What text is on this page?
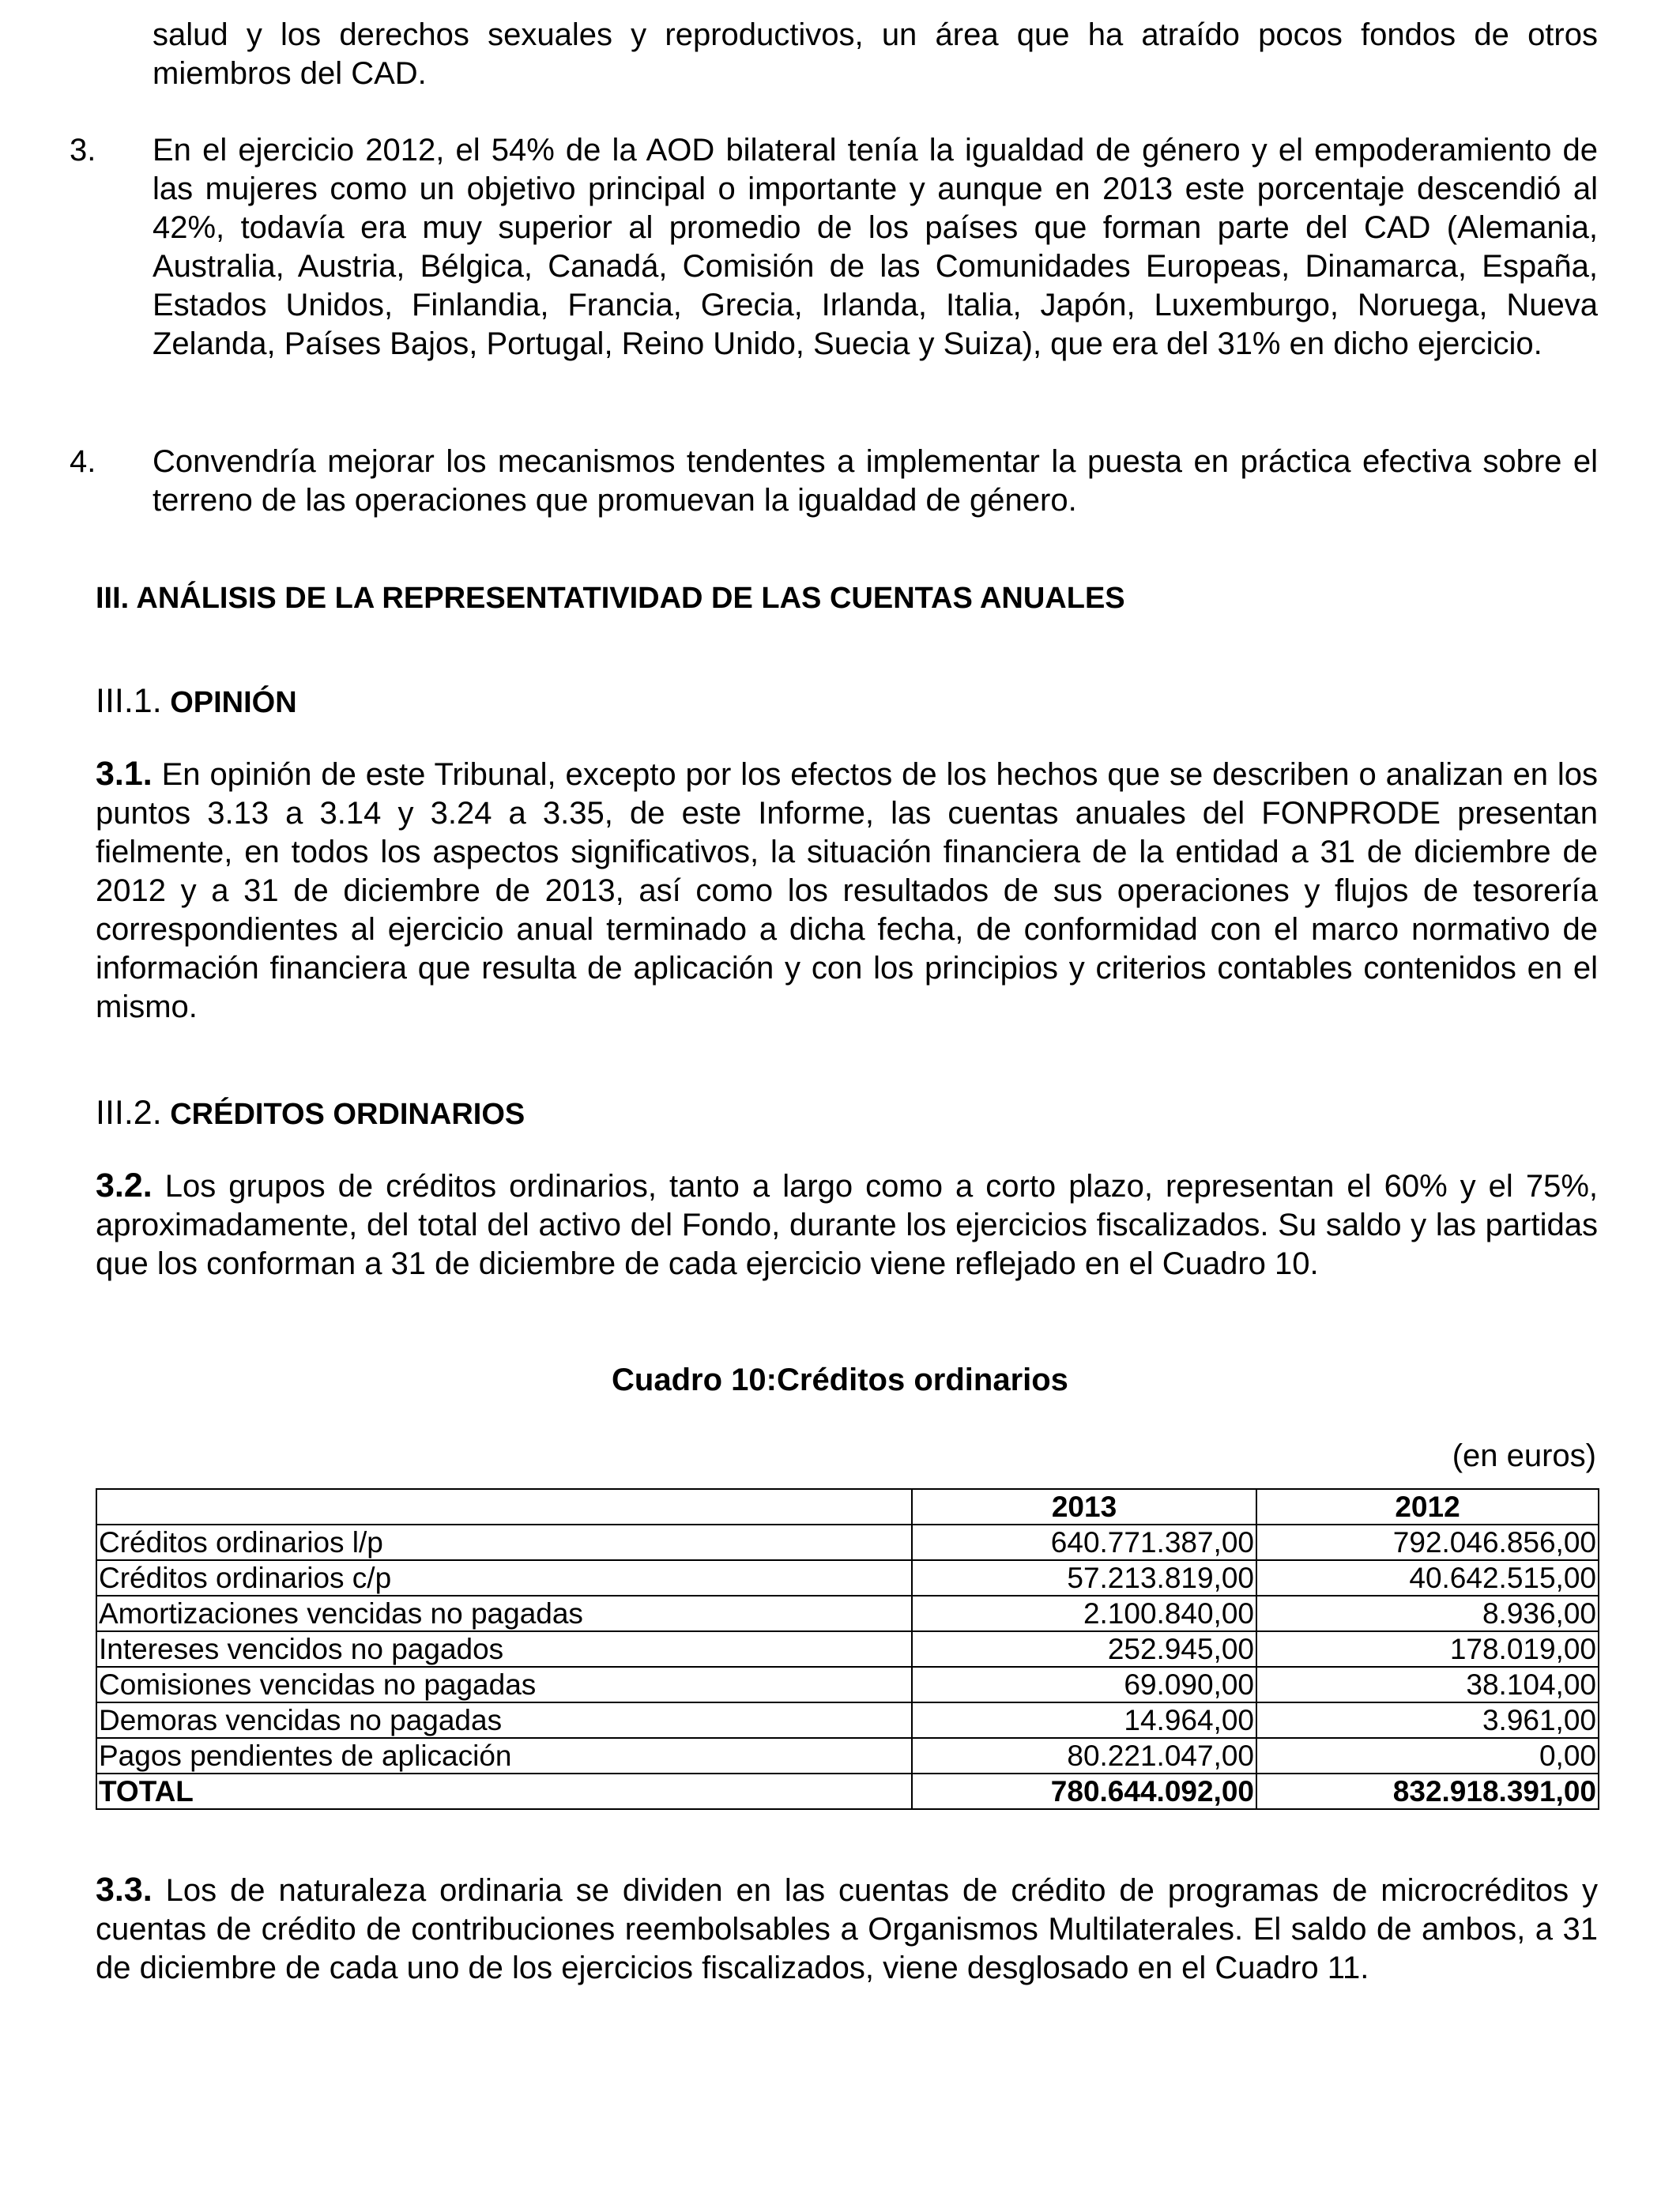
salud y los derechos sexuales y reproductivos, un área que ha atraído pocos fondos de otros miembros del CAD.

3. En el ejercicio 2012, el 54% de la AOD bilateral tenía la igualdad de género y el empoderamiento de las mujeres como un objetivo principal o importante y aunque en 2013 este porcentaje descendió al 42%, todavía era muy superior al promedio de los países que forman parte del CAD (Alemania, Australia, Austria, Bélgica, Canadá, Comisión de las Comunidades Europeas, Dinamarca, España, Estados Unidos, Finlandia, Francia, Grecia, Irlanda, Italia, Japón, Luxemburgo, Noruega, Nueva Zelanda, Países Bajos, Portugal, Reino Unido, Suecia y Suiza), que era del 31% en dicho ejercicio.

4. Convendría mejorar los mecanismos tendentes a implementar la puesta en práctica efectiva sobre el terreno de las operaciones que promuevan la igualdad de género.

III. ANÁLISIS DE LA REPRESENTATIVIDAD DE LAS CUENTAS ANUALES
III.1. OPINIÓN

3.1. En opinión de este Tribunal, excepto por los efectos de los hechos que se describen o analizan en los puntos 3.13 a 3.14 y 3.24 a 3.35, de este Informe, las cuentas anuales del FONPRODE presentan fielmente, en todos los aspectos significativos, la situación financiera de la entidad a 31 de diciembre de 2012 y a 31 de diciembre de 2013, así como los resultados de sus operaciones y flujos de tesorería correspondientes al ejercicio anual terminado a dicha fecha, de conformidad con el marco normativo de información financiera que resulta de aplicación y con los principios y criterios contables contenidos en el mismo.

III.2. CRÉDITOS ORDINARIOS

3.2. Los grupos de créditos ordinarios, tanto a largo como a corto plazo, representan el 60% y el 75%, aproximadamente, del total del activo del Fondo, durante los ejercicios fiscalizados. Su saldo y las partidas que los conforman a 31 de diciembre de cada ejercicio viene reflejado en el Cuadro 10.

Cuadro 10:Créditos ordinarios
(en euros)
	2013	2012
Créditos ordinarios l/p	640.771.387,00	792.046.856,00
Créditos ordinarios c/p	57.213.819,00	40.642.515,00
Amortizaciones vencidas no pagadas	2.100.840,00	8.936,00
Intereses vencidos no pagados	252.945,00	178.019,00
Comisiones vencidas no pagadas	69.090,00	38.104,00
Demoras vencidas no pagadas	14.964,00	3.961,00
Pagos pendientes de aplicación	80.221.047,00	0,00
TOTAL	780.644.092,00	832.918.391,00

3.3. Los de naturaleza ordinaria se dividen en las cuentas de crédito de programas de microcréditos y cuentas de crédito de contribuciones reembolsables a Organismos Multilaterales. El saldo de ambos, a 31 de diciembre de cada uno de los ejercicios fiscalizados, viene desglosado en el Cuadro 11.
